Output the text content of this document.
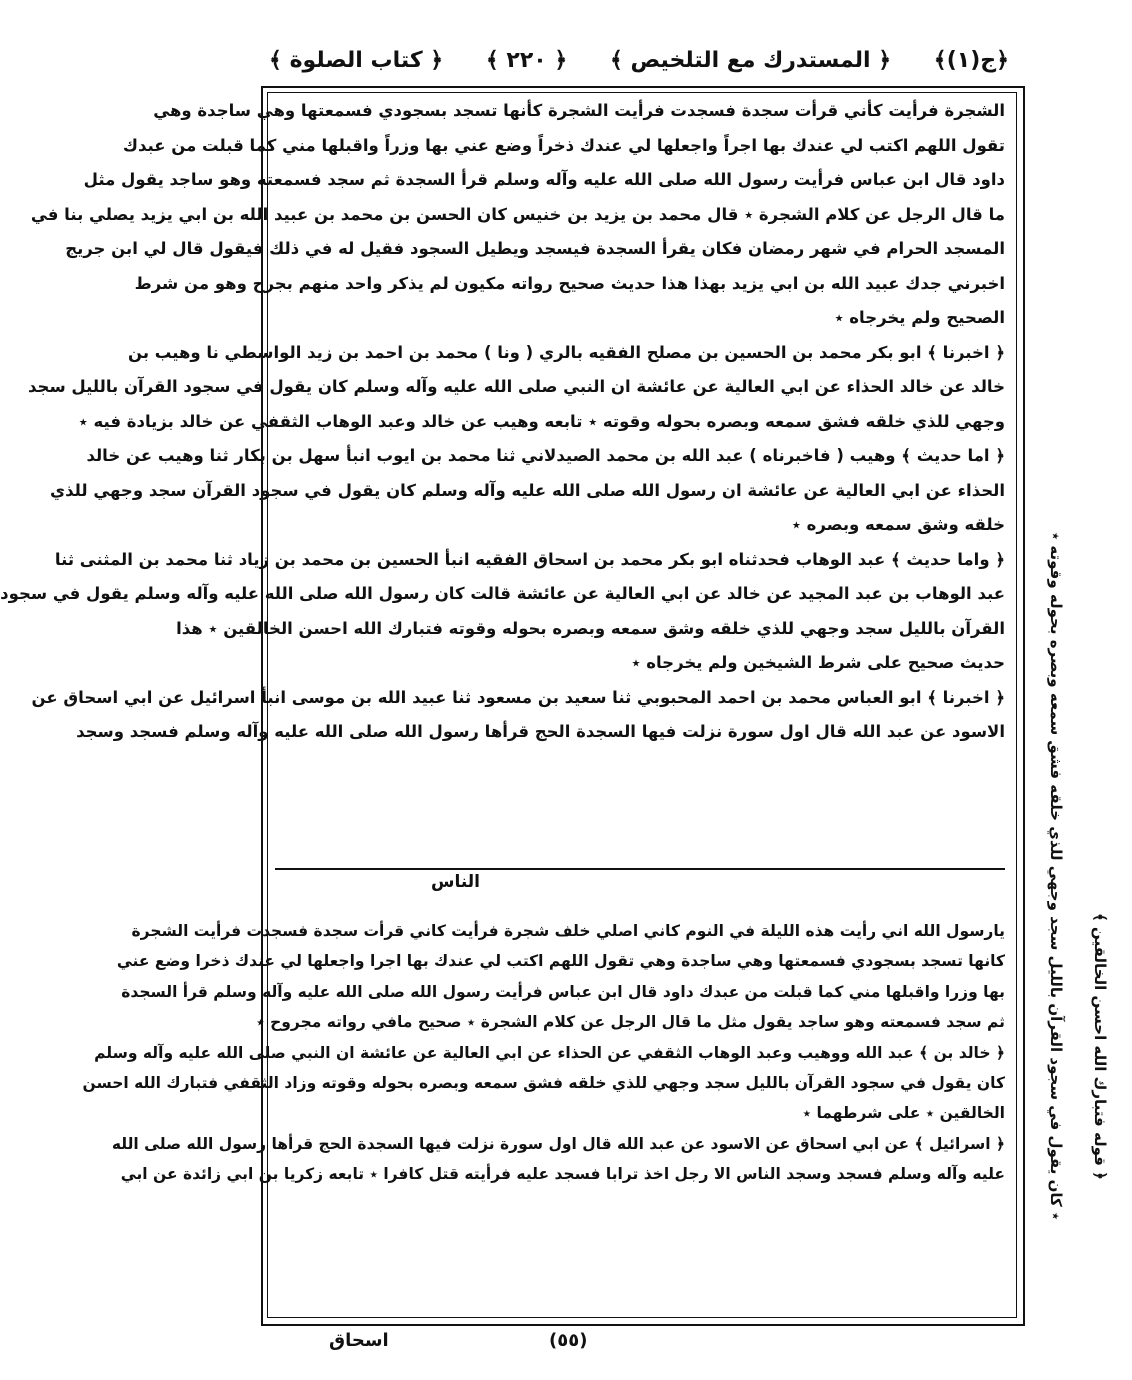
﴿ج(١)﴾
﴿ المستدرك مع التلخيص ﴾
﴿ ٢٢٠ ﴾
﴿ كتاب الصلوة ﴾
الشجرة فرأيت كأني قرأت سجدة فسجدت فرأيت الشجرة كأنها تسجد بسجودي فسمعتها وهي ساجدة وهي
تقول اللهم اكتب لي عندك بها اجراً واجعلها لي عندك ذخراً وضع عني بها وزراً واقبلها مني كما قبلت من عبدك
داود قال ابن عباس فرأيت رسول الله صلى الله عليه وآله وسلم قرأ السجدة ثم سجد فسمعته وهو ساجد يقول مثل
ما قال الرجل عن كلام الشجرة ٭ قال محمد بن يزيد بن خنيس كان الحسن بن محمد بن عبيد الله بن ابي يزيد يصلي بنا في
المسجد الحرام في شهر رمضان فكان يقرأ السجدة فيسجد ويطيل السجود فقيل له في ذلك فيقول قال لي ابن جريج
اخبرني جدك عبيد الله بن ابي يزيد بهذا هذا حديث صحيح رواته مكيون لم يذكر واحد منهم بجرح وهو من شرط
الصحيح ولم يخرجاه ٭
﴿ اخبرنا ﴾ ابو بكر محمد بن الحسين بن مصلح الفقيه بالري ( ونا ) محمد بن احمد بن زيد الواسطي نا وهيب بن
خالد عن خالد الحذاء عن ابي العالية عن عائشة ان النبي صلى الله عليه وآله وسلم كان يقول في سجود القرآن بالليل سجد
وجهي للذي خلقه فشق سمعه وبصره بحوله وقوته ٭ تابعه وهيب عن خالد وعبد الوهاب الثقفي عن خالد بزيادة فيه ٭
﴿ اما حديث ﴾ وهيب ( فاخبرناه ) عبد الله بن محمد الصيدلاني ثنا محمد بن ايوب انبأ سهل بن بكار ثنا وهيب عن خالد
الحذاء عن ابي العالية عن عائشة ان رسول الله صلى الله عليه وآله وسلم كان يقول في سجود القرآن سجد وجهي للذي
خلقه وشق سمعه وبصره ٭
﴿ واما حديث ﴾ عبد الوهاب فحدثناه ابو بكر محمد بن اسحاق الفقيه انبأ الحسين بن محمد بن زياد ثنا محمد بن المثنى ثنا
عبد الوهاب بن عبد المجيد عن خالد عن ابي العالية عن عائشة قالت كان رسول الله صلى الله عليه وآله وسلم يقول في سجود
القرآن بالليل سجد وجهي للذي خلقه وشق سمعه وبصره بحوله وقوته فتبارك الله احسن الخالقين ٭ هذا
حديث صحيح على شرط الشيخين ولم يخرجاه ٭
﴿ اخبرنا ﴾ ابو العباس محمد بن احمد المحبوبي ثنا سعيد بن مسعود ثنا عبيد الله بن موسى انبأ اسرائيل عن ابي اسحاق عن
الاسود عن عبد الله قال اول سورة نزلت فيها السجدة الحج قرأها رسول الله صلى الله عليه وآله وسلم فسجد وسجد
الناس
يارسول الله اني رأيت هذه الليلة في النوم كاني اصلي خلف شجرة فرأيت كاني قرأت سجدة فسجدت فرأيت الشجرة
كانها تسجد بسجودي فسمعتها وهي ساجدة وهي تقول اللهم اكتب لي عندك بها اجرا واجعلها لي عندك ذخرا وضع عني
بها وزرا واقبلها مني كما قبلت من عبدك داود قال ابن عباس فرأيت رسول الله صلى الله عليه وآله وسلم قرأ السجدة
ثم سجد فسمعته وهو ساجد يقول مثل ما قال الرجل عن كلام الشجرة ٭ صحيح مافي رواته مجروح ٭
﴿ خالد بن ﴾ عبد الله ووهيب وعبد الوهاب الثقفي عن الحذاء عن ابي العالية عن عائشة ان النبي صلى الله عليه وآله وسلم
كان يقول في سجود القرآن بالليل سجد وجهي للذي خلقه فشق سمعه وبصره بحوله وقوته وزاد الثقفي فتبارك الله احسن
الخالقين ٭ على شرطهما ٭
﴿ اسرائيل ﴾ عن ابي اسحاق عن الاسود عن عبد الله قال اول سورة نزلت فيها السجدة الحج قرأها رسول الله صلى الله
عليه وآله وسلم فسجد وسجد الناس الا رجل اخذ ترابا فسجد عليه فرأيته قتل كافرا ٭ تابعه زكريا بن ابي زائدة عن ابي	٭ كان يقول في سجود القرآن بالليل سجد وجهي للذي خلقه فشق سمعه وبصره بحوله وقوته ٭	﴿ قوله فتبارك الله احسن الخالقين ﴾
اسحاق	(٥٥)
